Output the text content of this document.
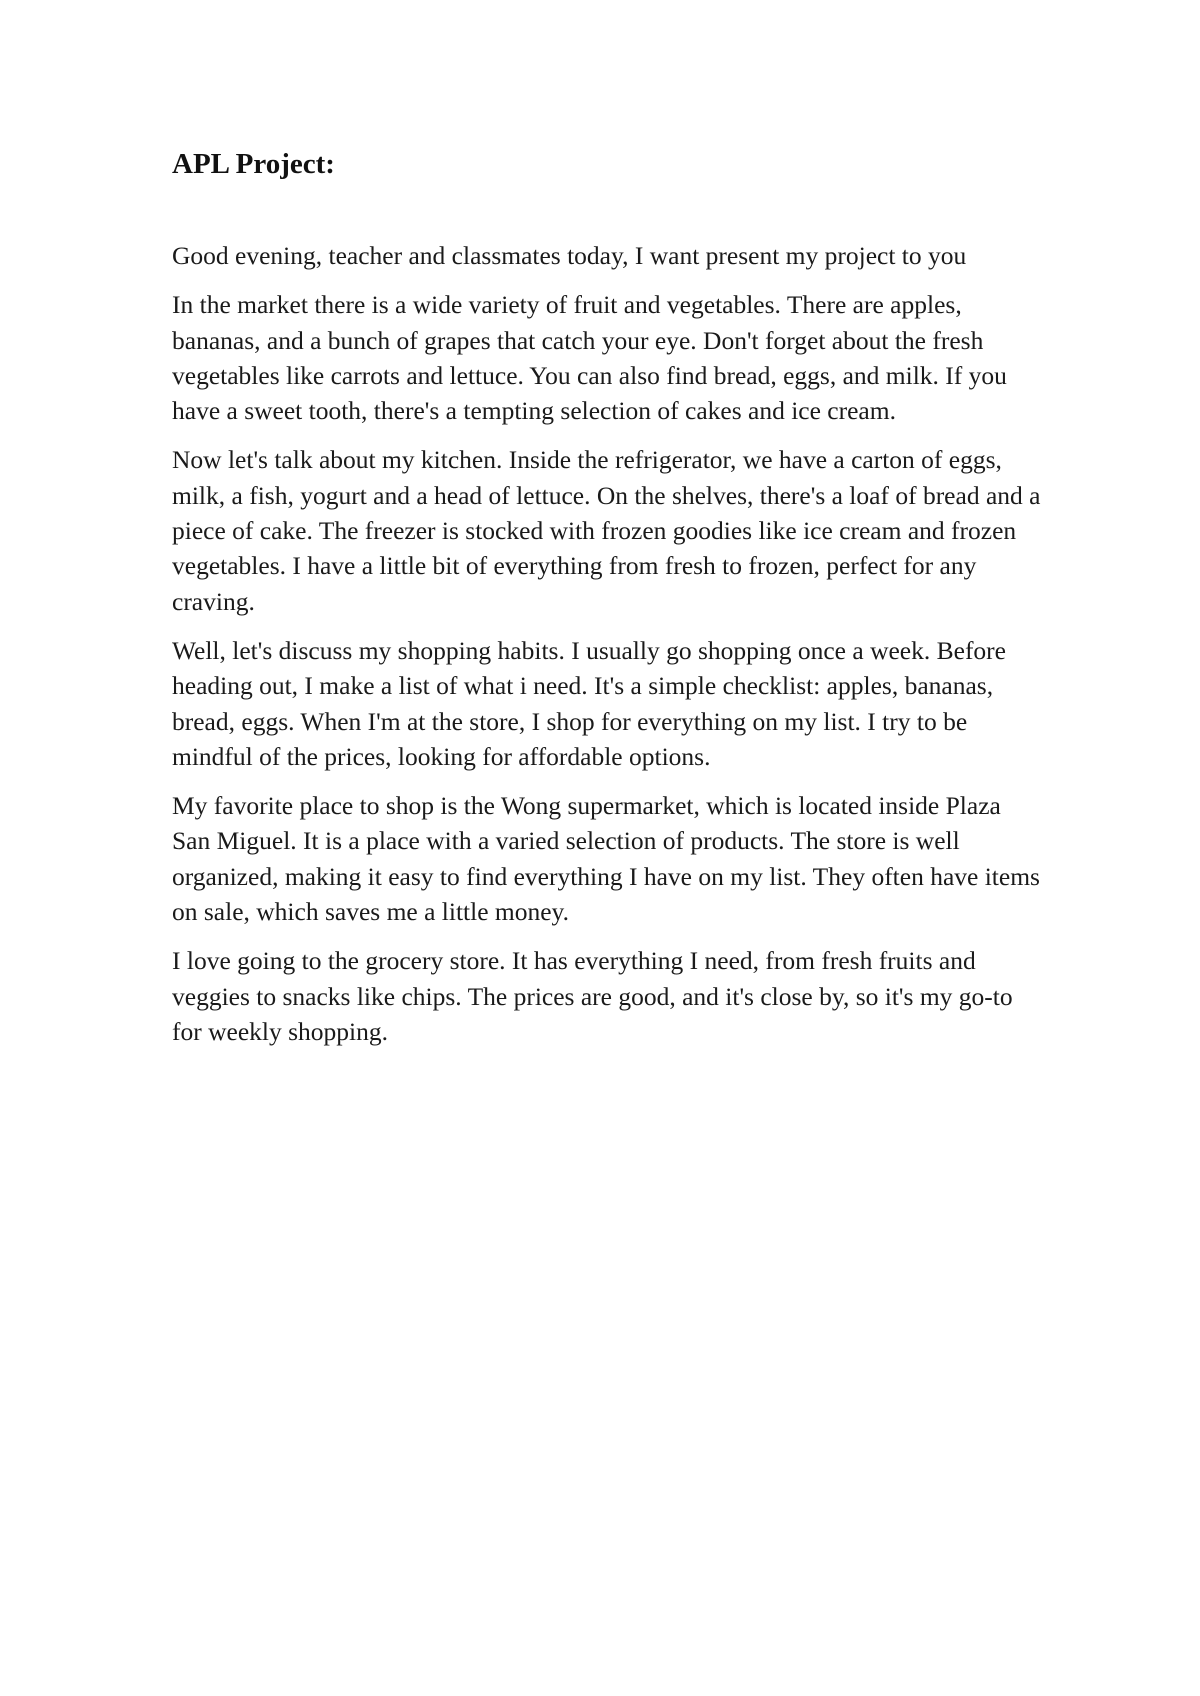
APL Project:

Good evening, teacher and classmates today, I want present my project to you

In the market there is a wide variety of fruit and vegetables. There are apples, bananas, and a bunch of grapes that catch your eye. Don't forget about the fresh vegetables like carrots and lettuce. You can also find bread, eggs, and milk. If you have a sweet tooth, there's a tempting selection of cakes and ice cream.

Now let's talk about my kitchen. Inside the refrigerator, we have a carton of eggs, milk, a fish, yogurt and a head of lettuce. On the shelves, there's a loaf of bread and a piece of cake. The freezer is stocked with frozen goodies like ice cream and frozen vegetables. I have a little bit of everything from fresh to frozen, perfect for any craving.

Well, let's discuss my shopping habits. I usually go shopping once a week. Before heading out, I make a list of what i need. It's a simple checklist: apples, bananas, bread, eggs. When I'm at the store, I shop for everything on my list. I try to be mindful of the prices, looking for affordable options.

My favorite place to shop is the Wong supermarket, which is located inside Plaza San Miguel. It is a place with a varied selection of products. The store is well organized, making it easy to find everything I have on my list. They often have items on sale, which saves me a little money.

I love going to the grocery store. It has everything I need, from fresh fruits and veggies to snacks like chips. The prices are good, and it's close by, so it's my go-to for weekly shopping.
